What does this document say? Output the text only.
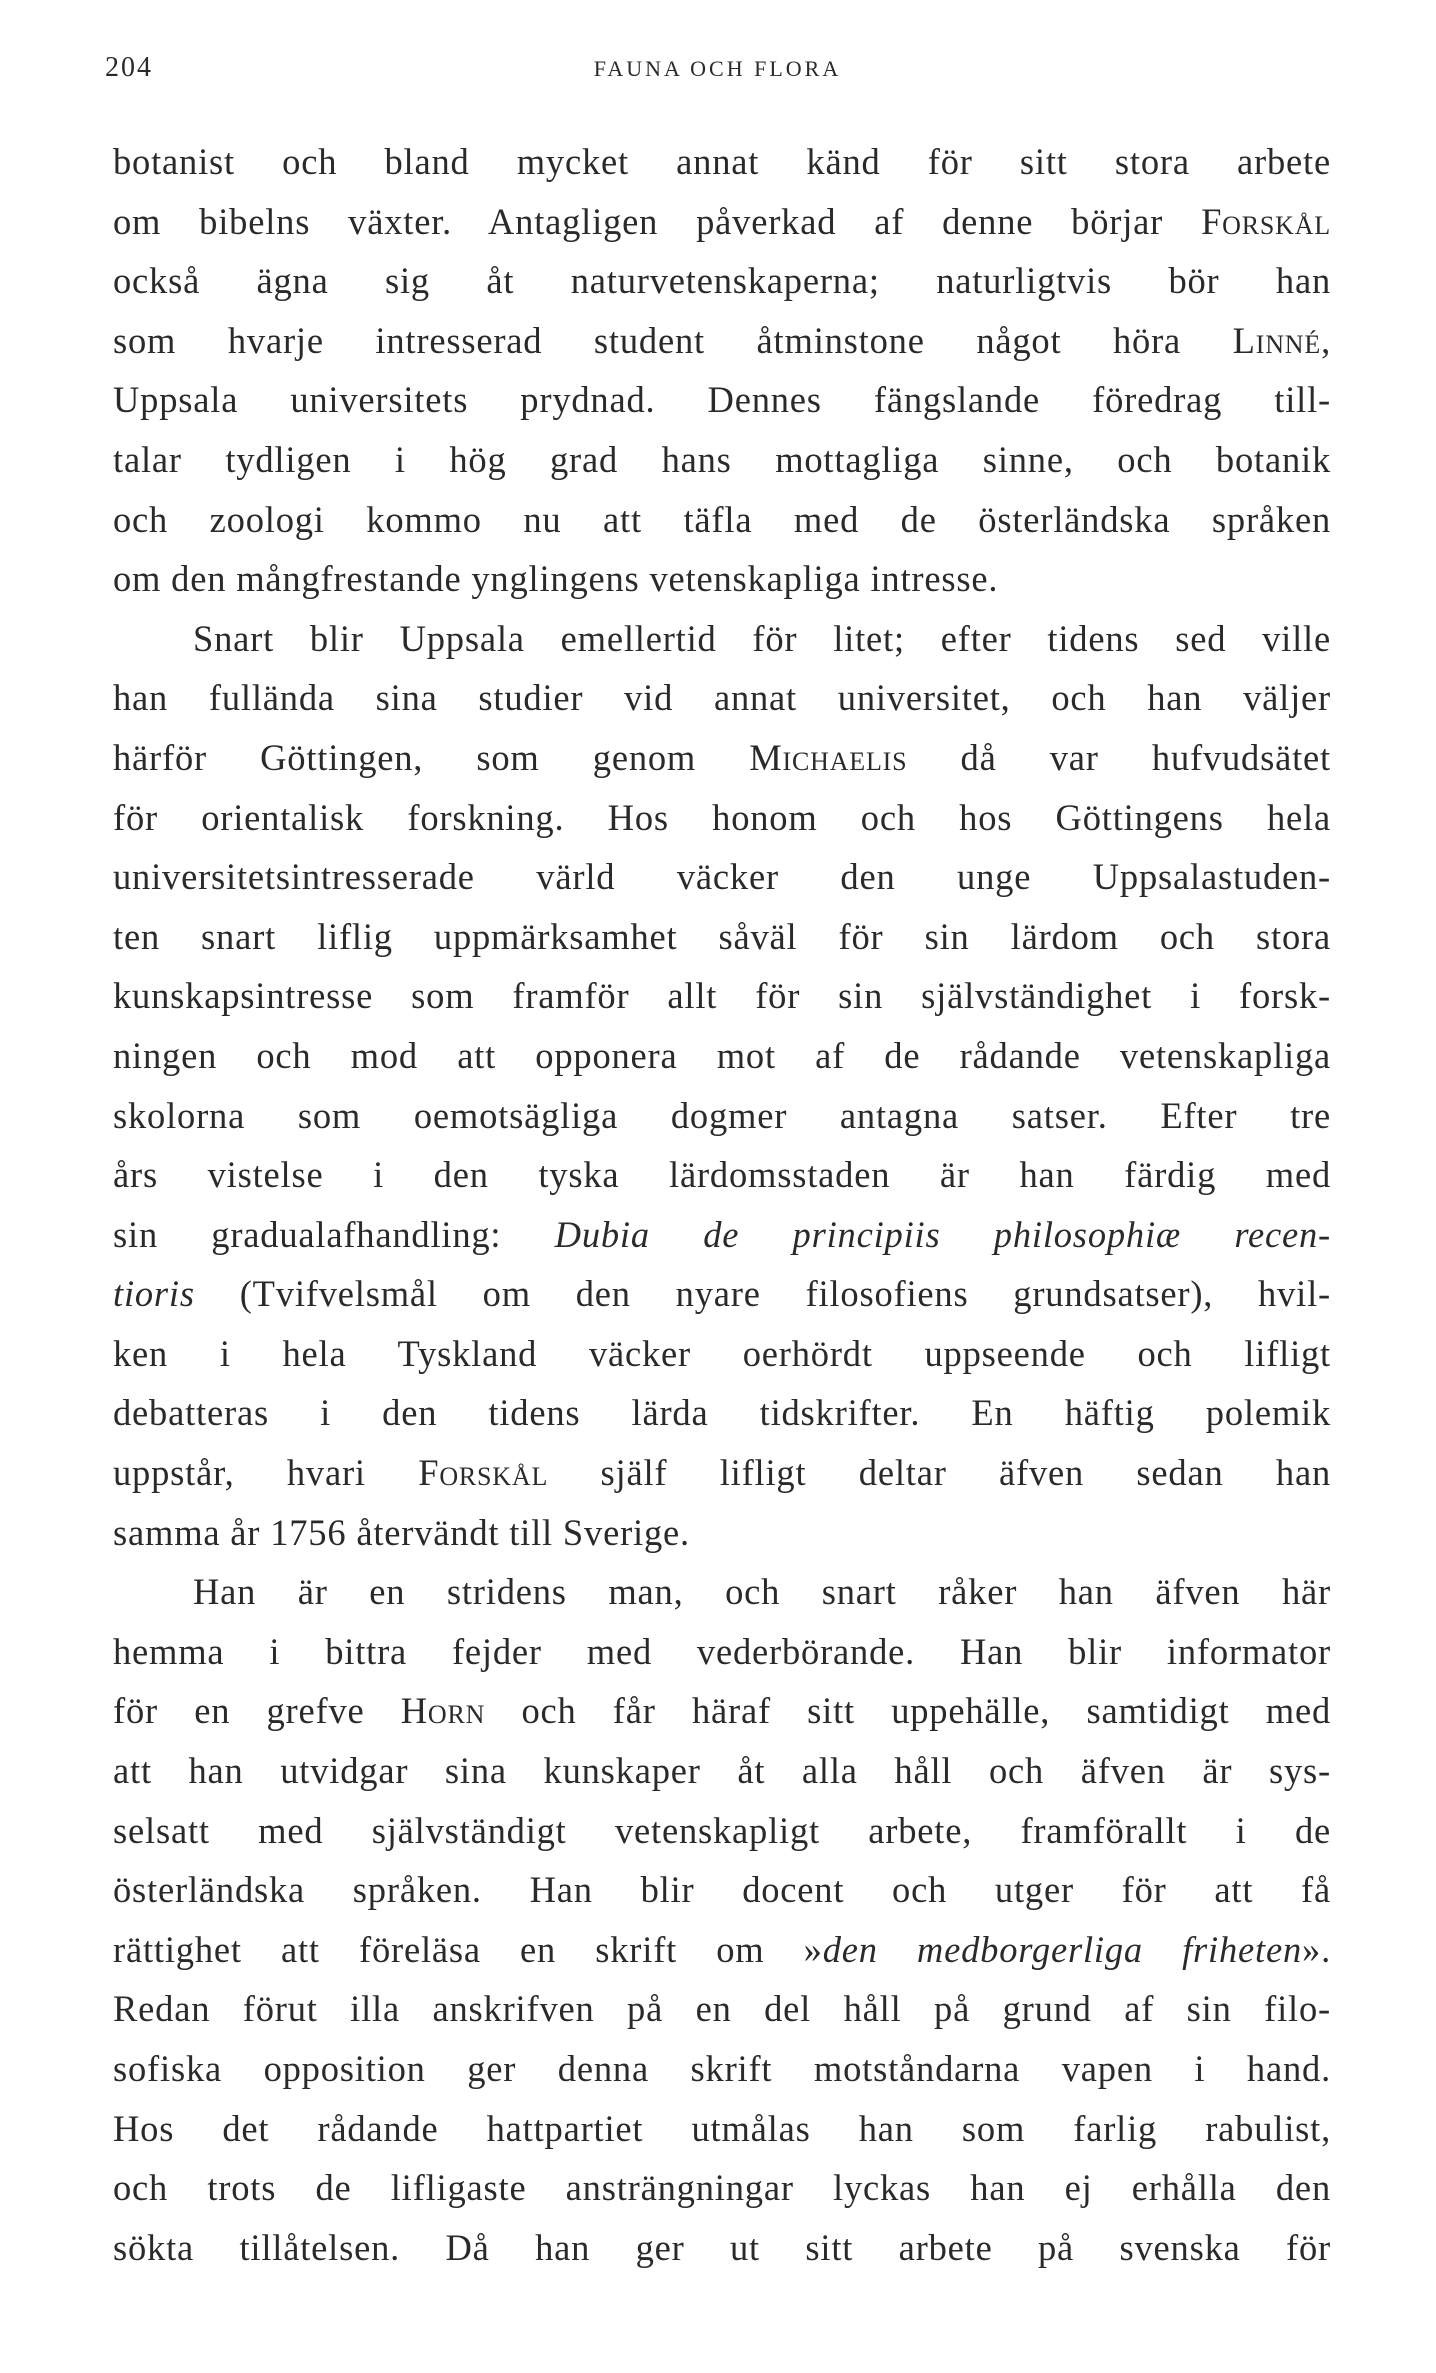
204	FAUNA OCH FLORA
botanist och bland mycket annat känd för sitt stora arbete
om bibelns växter. Antagligen påverkad af denne börjar Forskål
också ägna sig åt naturvetenskaperna; naturligtvis bör han
som hvarje intresserad student åtminstone något höra Linné,
Uppsala universitets prydnad. Dennes fängslande föredrag till-
talar tydligen i hög grad hans mottagliga sinne, och botanik
och zoologi kommo nu att täfla med de österländska språken
om den mångfrestande ynglingens vetenskapliga intresse.
Snart blir Uppsala emellertid för litet; efter tidens sed ville
han fullända sina studier vid annat universitet, och han väljer
härför Göttingen, som genom Michaelis då var hufvudsätet
för orientalisk forskning. Hos honom och hos Göttingens hela
universitetsintresserade värld väcker den unge Uppsalastuden-
ten snart liflig uppmärksamhet såväl för sin lärdom och stora
kunskapsintresse som framför allt för sin självständighet i forsk-
ningen och mod att opponera mot af de rådande vetenskapliga
skolorna som oemotsägliga dogmer antagna satser. Efter tre
års vistelse i den tyska lärdomsstaden är han färdig med
sin gradualafhandling: Dubia de principiis philosophiæ recen-
tioris (Tvifvelsmål om den nyare filosofiens grundsatser), hvil-
ken i hela Tyskland väcker oerhördt uppseende och lifligt
debatteras i den tidens lärda tidskrifter. En häftig polemik
uppstår, hvari Forskål själf lifligt deltar äfven sedan han
samma år 1756 återvändt till Sverige.
Han är en stridens man, och snart råker han äfven här
hemma i bittra fejder med vederbörande. Han blir informator
för en grefve Horn och får häraf sitt uppehälle, samtidigt med
att han utvidgar sina kunskaper åt alla håll och äfven är sys-
selsatt med självständigt vetenskapligt arbete, framförallt i de
österländska språken. Han blir docent och utger för att få
rättighet att föreläsa en skrift om »den medborgerliga friheten».
Redan förut illa anskrifven på en del håll på grund af sin filo-
sofiska opposition ger denna skrift motståndarna vapen i hand.
Hos det rådande hattpartiet utmålas han som farlig rabulist,
och trots de lifligaste ansträngningar lyckas han ej erhålla den
sökta tillåtelsen. Då han ger ut sitt arbete på svenska för
